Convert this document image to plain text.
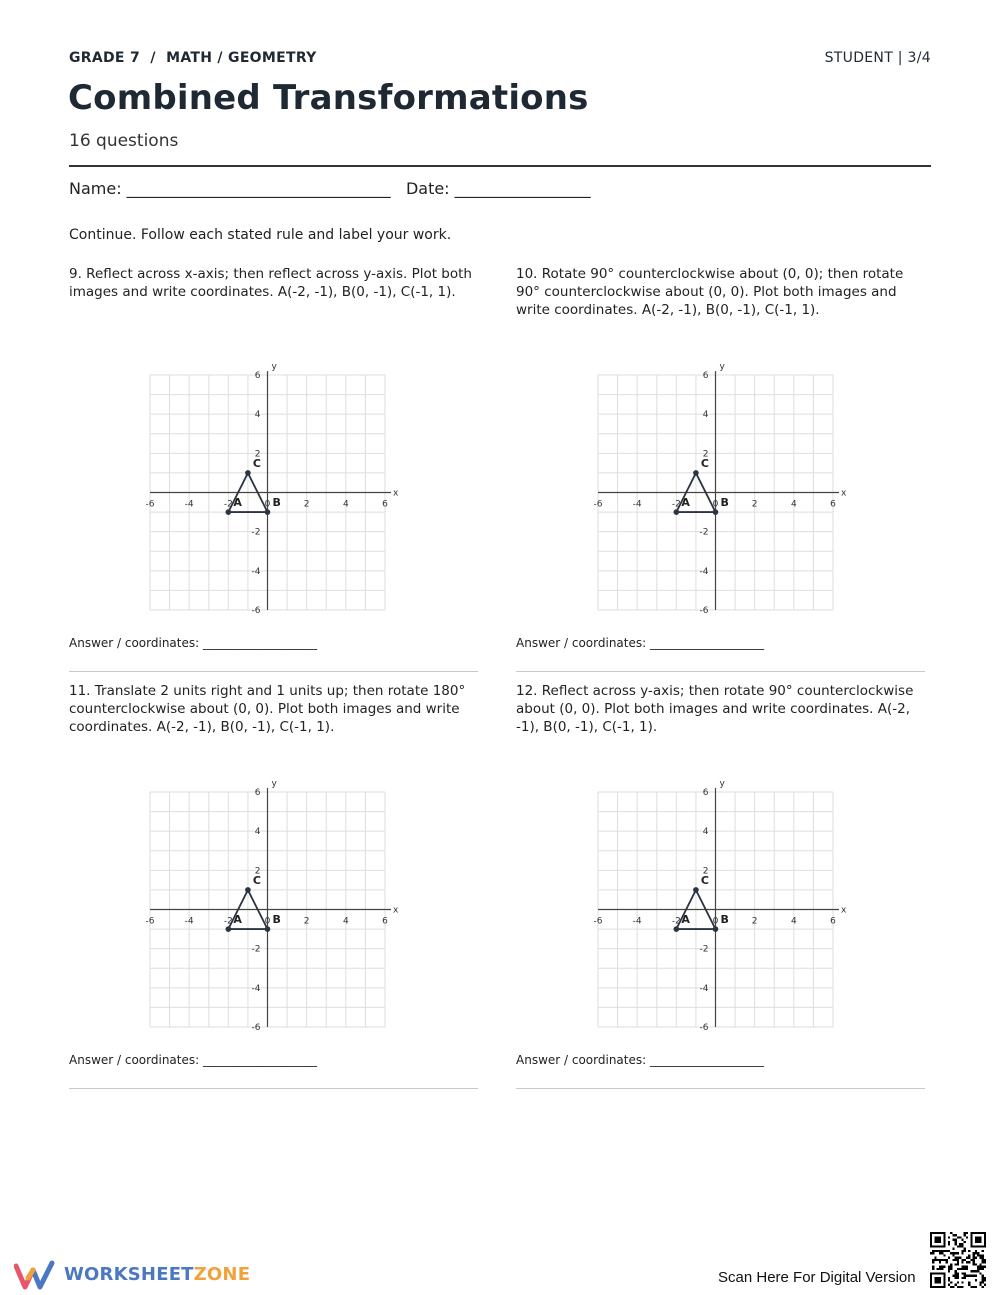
GRADE 7  /  MATH / GEOMETRY	STUDENT | 3/4
Combined Transformations
16 questions
Name: _________________________________   Date: _________________
Continue. Follow each stated rule and label your work.
9. Reflect across x-axis; then reflect across y-axis. Plot both images and write coordinates. A(-2, -1), B(0, -1), C(-1, 1).
x
y
-6	-4	-2	0	2	4	6
6
4
2
-2
-4
-6
A	B
C
Answer / coordinates: ___________________
10. Rotate 90° counterclockwise about (0, 0); then rotate 90° counterclockwise about (0, 0). Plot both images and write coordinates. A(-2, -1), B(0, -1), C(-1, 1).
x
y
-6	-4	-2	0	2	4	6
6
4
2
-2
-4
-6
A	B
C
Answer / coordinates: ___________________
11. Translate 2 units right and 1 units up; then rotate 180° counterclockwise about (0, 0). Plot both images and write coordinates. A(-2, -1), B(0, -1), C(-1, 1).
x
y
-6	-4	-2	0	2	4	6
6
4
2
-2
-4
-6
A	B
C
Answer / coordinates: ___________________
12. Reflect across y-axis; then rotate 90° counterclockwise about (0, 0). Plot both images and write coordinates. A(-2, -1), B(0, -1), C(-1, 1).
x
y
-6	-4	-2	0	2	4	6
6
4
2
-2
-4
-6
A	B
C
Answer / coordinates: ___________________
WORKSHEETZONE	Scan Here For Digital Version
